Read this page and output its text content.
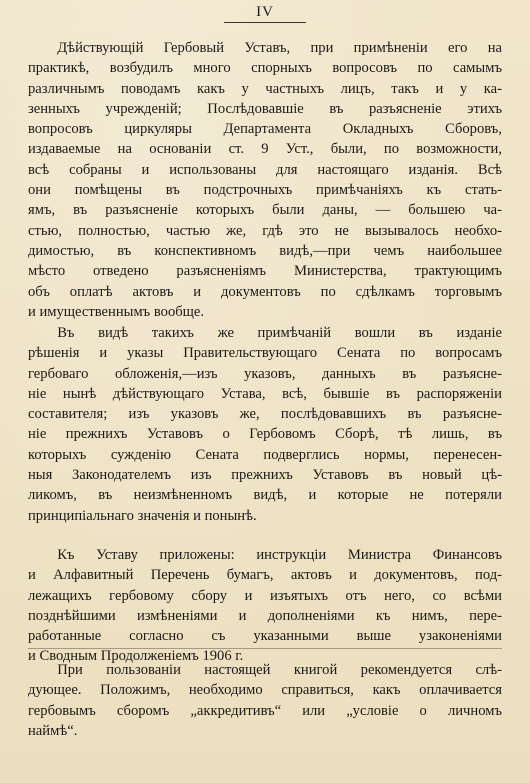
IV
  Дѣйствующій Гербовый Уставъ, при примѣненіи его на
практикѣ, возбудилъ много спорныхъ вопросовъ по самымъ
различнымъ поводамъ какъ у частныхъ лицъ, такъ и у ка-
зенныхъ учрежденій; Послѣдовавшіе въ разъясненіе этихъ
вопросовъ циркуляры Департамента Окладныхъ Сборовъ,
издаваемые на основаніи ст. 9 Уст., были, по возможности,
всѣ собраны и использованы для настоящаго изданія. Всѣ
они помѣщены въ подстрочныхъ примѣчаніяхъ къ стать-
ямъ, въ разъясненіе которыхъ были даны, — большею ча-
стью, полностью, частью же, гдѣ это не вызывалось необхо-
димостью, въ конспективномъ видѣ,—при чемъ наибольшее
мѣсто отведено разъясненіямъ Министерства, трактующимъ
объ оплатѣ актовъ и документовъ по сдѣлкамъ торговымъ
и имущественнымъ вообще.
  Въ видѣ такихъ же примѣчаній вошли въ изданіе
рѣшенія и указы Правительствующаго Сената по вопросамъ
гербоваго обложенія,—изъ указовъ, данныхъ въ разъясне-
ніе нынѣ дѣйствующаго Устава, всѣ, бывшіе въ распоряженіи
составителя; изъ указовъ же, послѣдовавшихъ въ разъясне-
ніе прежнихъ Уставовъ о Гербовомъ Сборѣ, тѣ лишь, въ
которыхъ сужденію Сената подверглись нормы, перенесен-
ныя Законодателемъ изъ прежнихъ Уставовъ въ новый цѣ-
ликомъ, въ неизмѣненномъ видѣ, и которые не потеряли
принципіальнаго значенія и понынѣ.
  Къ Уставу приложены: инструкціи Министра Финансовъ
и Алфавитный Перечень бумагъ, актовъ и документовъ, под-
лежащихъ гербовому сбору и изъятыхъ отъ него, со всѣми
позднѣйшими измѣненіями и дополненіями къ нимъ, пере-
работанные согласно съ указанными выше узаконеніями
и Сводным Продолженіемъ 1906 г.
  При пользованіи настоящей книгой рекомендуется слѣ-
дующее. Положимъ, необходимо справиться, какъ оплачивается
гербовымъ сборомъ „аккредитивъ“ или „условіе о личномъ
наймѣ“.
